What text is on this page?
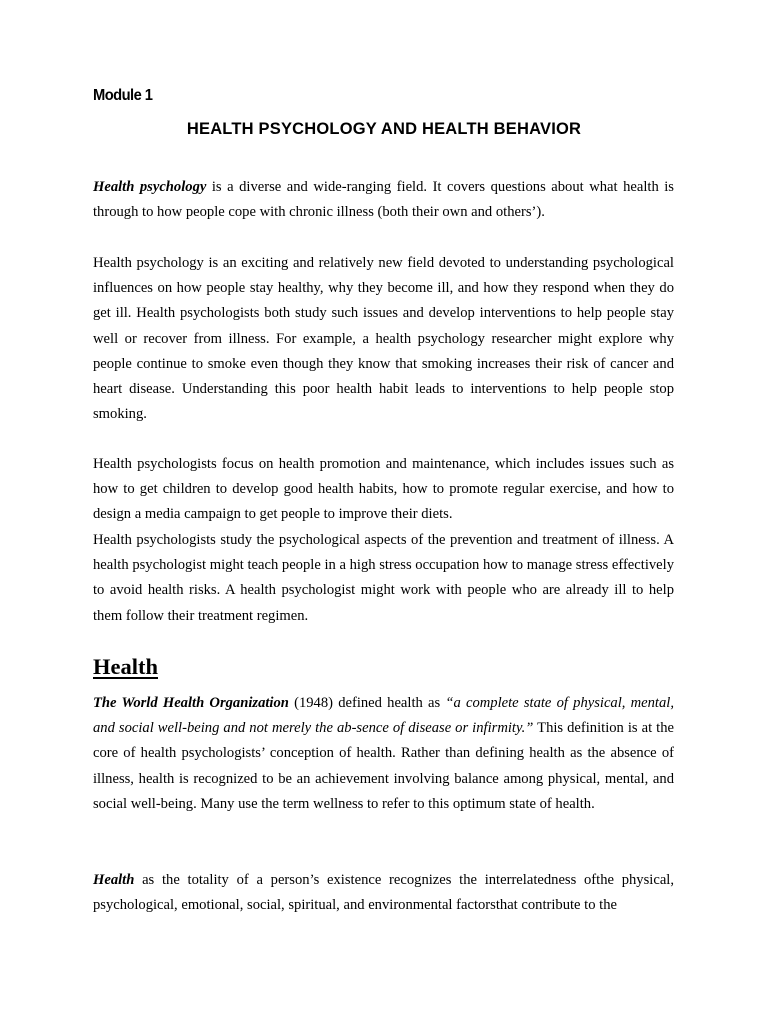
Module 1
HEALTH PSYCHOLOGY AND HEALTH BEHAVIOR

Health psychology is a diverse and wide-ranging field. It covers questions about what health is through to how people cope with chronic illness (both their own and others’).

Health psychology is an exciting and relatively new field devoted to understanding psychological influences on how people stay healthy, why they become ill, and how they respond when they do get ill. Health psychologists both study such issues and develop interventions to help people stay well or recover from illness. For example, a health psychology researcher might explore why people continue to smoke even though they know that smoking increases their risk of cancer and heart disease. Understanding this poor health habit leads to interventions to help people stop smoking.

Health psychologists focus on health promotion and maintenance, which includes issues such as how to get children to develop good health habits, how to promote regular exercise, and how to design a media campaign to get people to improve their diets.

Health psychologists study the psychological aspects of the prevention and treatment of illness. A health psychologist might teach people in a high stress occupation how to manage stress effectively to avoid health risks. A health psychologist might work with people who are already ill to help them follow their treatment regimen.

Health

The World Health Organization (1948) defined health as “a complete state of physical, mental, and social well-being and not merely the ab-sence of disease or infirmity.” This definition is at the core of health psychologists’ conception of health. Rather than defining health as the absence of illness, health is recognized to be an achievement involving balance among physical, mental, and social well-being. Many use the term wellness to refer to this optimum state of health.

Health as the totality of a person’s existence recognizes the interrelatedness ofthe physical, psychological, emotional, social, spiritual, and environmental factorsthat contribute to the
